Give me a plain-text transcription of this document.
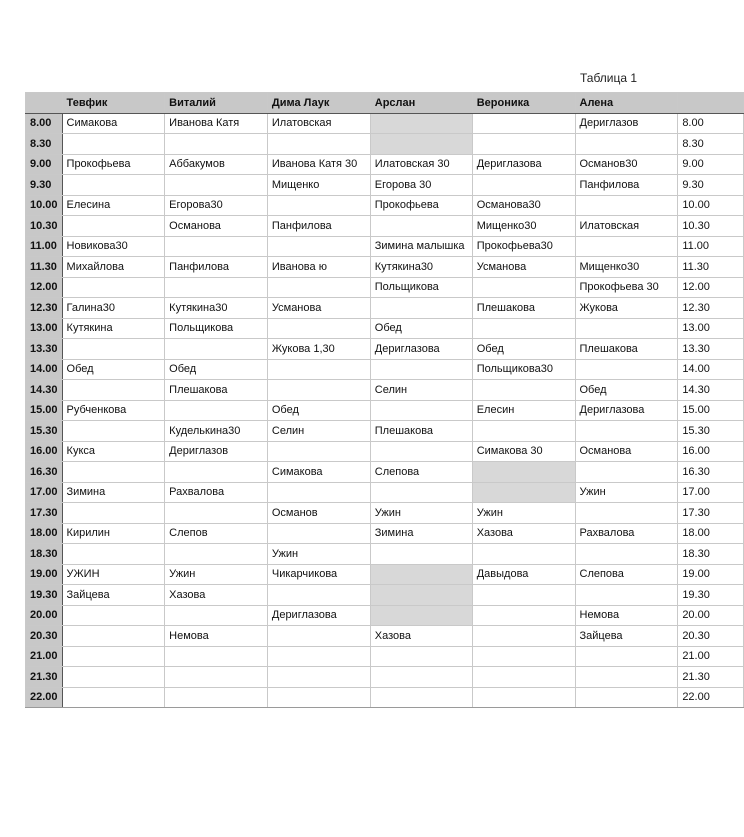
Таблица 1
	Тевфик	Виталий	Дима Лаук	Арслан	Вероника	Алена	
8.00	Симакова	Иванова Катя	Илатовская			Дериглазов	8.00
8.30							8.30
9.00	Прокофьева	Аббакумов	Иванова Катя 30	Илатовская 30	Дериглазова	Османов30	9.00
9.30			Мищенко	Егорова 30		Панфилова	9.30
10.00	Елесина	Егорова30		Прокофьева	Османова30		10.00
10.30		Османова	Панфилова		Мищенко30	Илатовская	10.30
11.00	Новикова30			Зимина малышка	Прокофьева30		11.00
11.30	Михайлова	Панфилова	Иванова ю	Кутякина30	Усманова	Мищенко30	11.30
12.00				Польщикова		Прокофьева 30	12.00
12.30	Галина30	Кутякина30	Усманова		Плешакова	Жукова	12.30
13.00	Кутякина	Польщикова		Обед			13.00
13.30			Жукова 1,30	Дериглазова	Обед	Плешакова	13.30
14.00	Обед	Обед			Польщикова30		14.00
14.30		Плешакова		Селин		Обед	14.30
15.00	Рубченкова		Обед		Елесин	Дериглазова	15.00
15.30		Куделькина30	Селин	Плешакова			15.30
16.00	Кукса	Дериглазов			Симакова 30	Османова	16.00
16.30			Симакова	Слепова			16.30
17.00	Зимина	Рахвалова				Ужин	17.00
17.30			Османов	Ужин	Ужин		17.30
18.00	Кирилин	Слепов		Зимина	Хазова	Рахвалова	18.00
18.30			Ужин				18.30
19.00	УЖИН	Ужин	Чикарчикова		Давыдова	Слепова	19.00
19.30	Зайцева	Хазова					19.30
20.00			Дериглазова			Немова	20.00
20.30		Немова		Хазова		Зайцева	20.30
21.00							21.00
21.30							21.30
22.00							22.00
